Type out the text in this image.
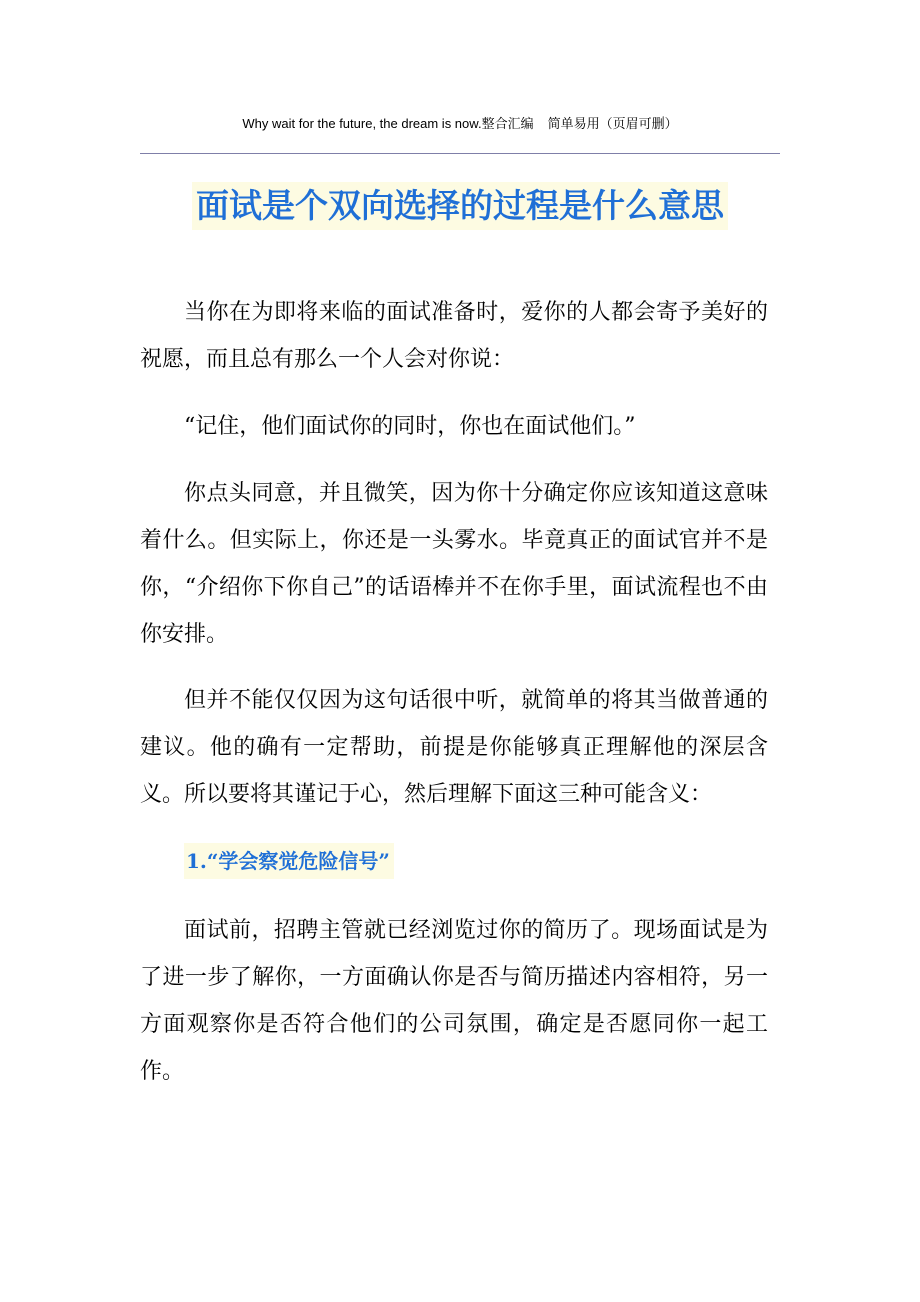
Why wait for the future, the dream is now.整合汇编 简单易用（页眉可删）
面试是个双向选择的过程是什么意思

当你在为即将来临的面试准备时，爱你的人都会寄予美好的祝愿，而且总有那么一个人会对你说：

“记住，他们面试你的同时，你也在面试他们。”

你点头同意，并且微笑，因为你十分确定你应该知道这意味着什么。但实际上，你还是一头雾水。毕竟真正的面试官并不是你，“介绍你下你自己”的话语棒并不在你手里，面试流程也不由你安排。

但并不能仅仅因为这句话很中听，就简单的将其当做普通的建议。他的确有一定帮助，前提是你能够真正理解他的深层含义。所以要将其谨记于心，然后理解下面这三种可能含义：

1.“学会察觉危险信号”

面试前，招聘主管就已经浏览过你的简历了。现场面试是为了进一步了解你，一方面确认你是否与简历描述内容相符，另一方面观察你是否符合他们的公司氛围，确定是否愿同你一起工作。
